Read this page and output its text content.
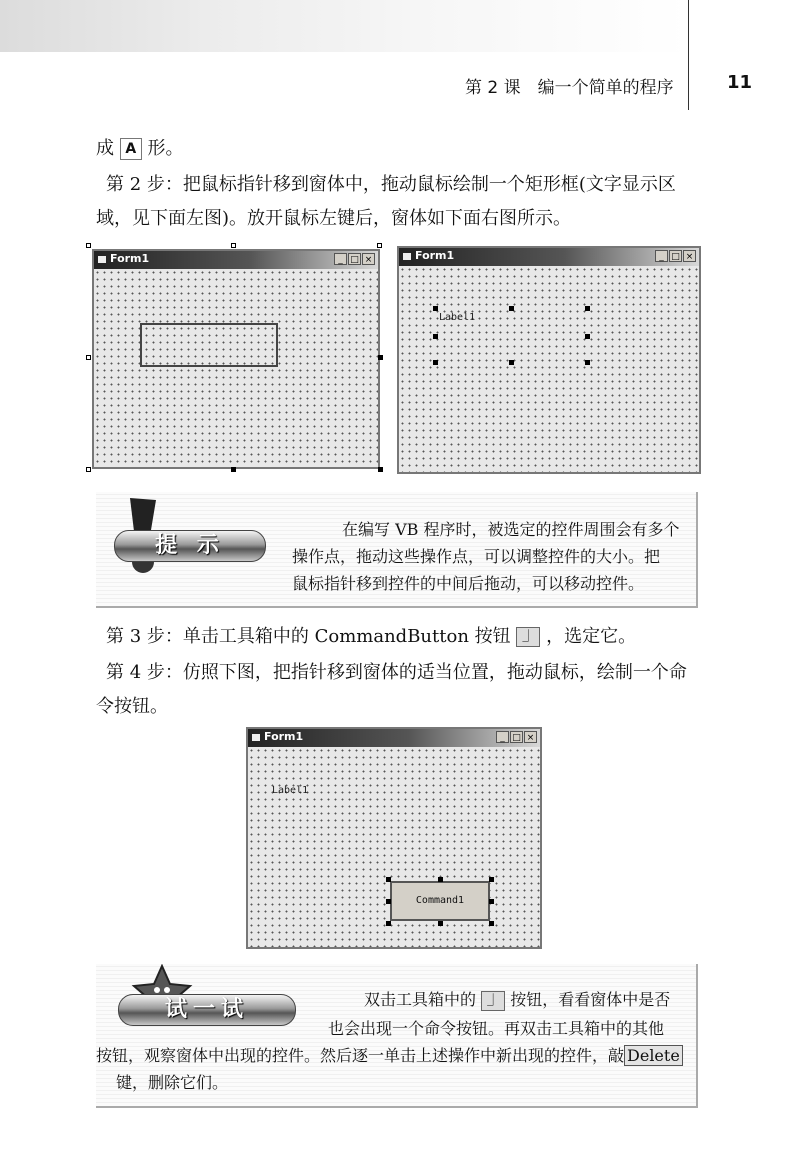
第 2 课　编一个简单的程序	11
成 A 形。
第 2 步：把鼠标指针移到窗体中，拖动鼠标绘制一个矩形框(文字显示区
域，见下面左图)。放开鼠标左键后，窗体如下面右图所示。
Form1	_ □ ×	Form1	_ □ ×
Label1
提 示
在编写 VB 程序时，被选定的控件周围会有多个
操作点，拖动这些操作点，可以调整控件的大小。把
鼠标指针移到控件的中间后拖动，可以移动控件。
第 3 步：单击工具箱中的 CommandButton 按钮 ⏌ ，选定它。
第 4 步：仿照下图，把指针移到窗体的适当位置，拖动鼠标，绘制一个命
令按钮。
Form1	_ □ ×
Label1
Command1
试一试	双击工具箱中的 ⏌ 按钮，看看窗体中是否
也会出现一个命令按钮。再双击工具箱中的其他
按钮，观察窗体中出现的控件。然后逐一单击上述操作中新出现的控件，敲 Delete
键，删除它们。
